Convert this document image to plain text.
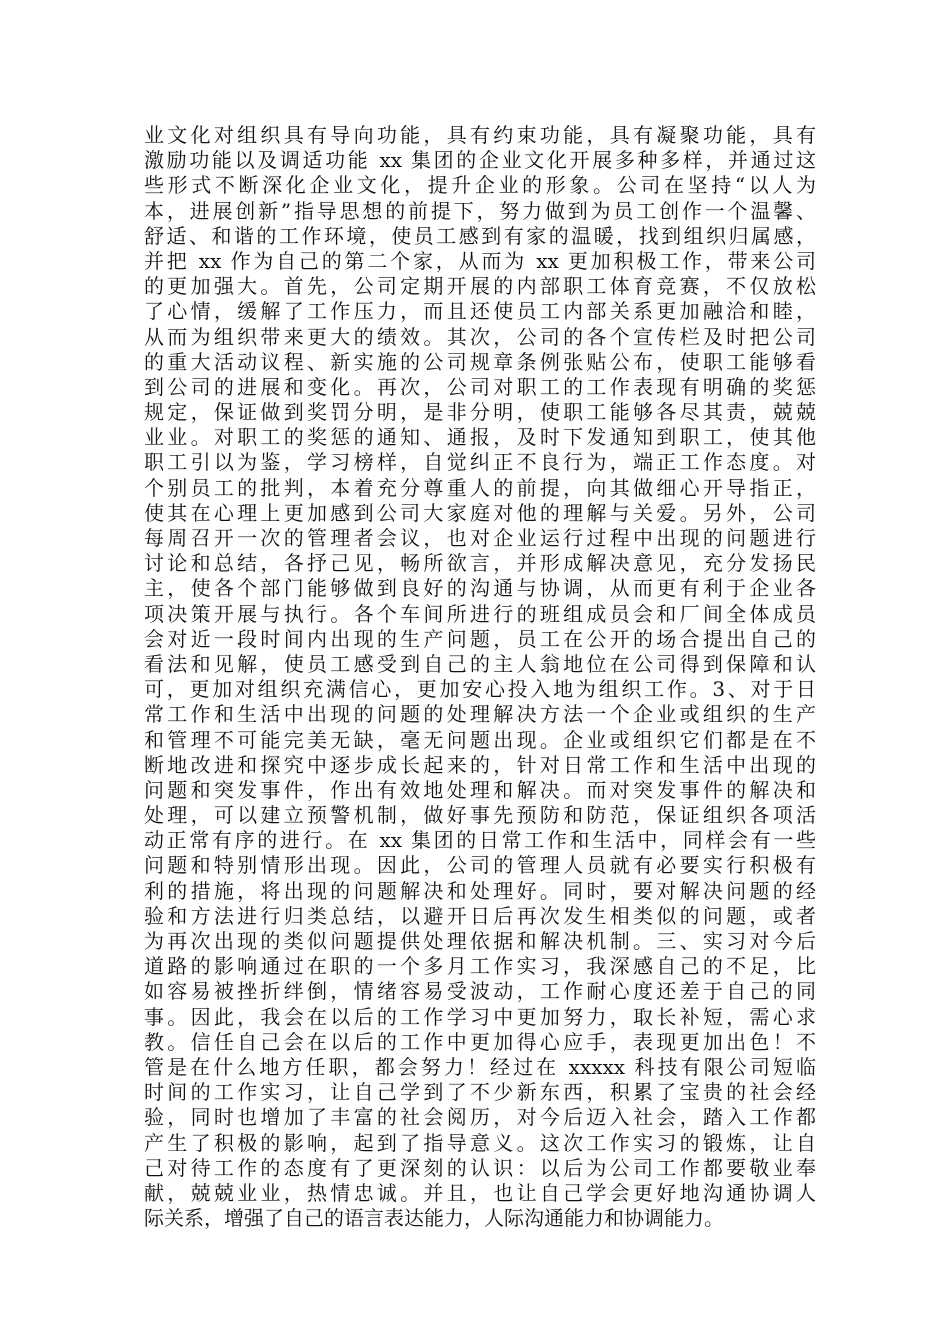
业文化对组织具有导向功能，具有约束功能，具有凝聚功能，具有
激励功能以及调适功能 xx 集团的企业文化开展多种多样，并通过这
些形式不断深化企业文化，提升企业的形象。公司在坚持“以人为
本，进展创新”指导思想的前提下，努力做到为员工创作一个温馨、
舒适、和谐的工作环境，使员工感到有家的温暖，找到组织归属感，
并把 xx 作为自己的第二个家，从而为 xx 更加积极工作，带来公司
的更加强大。首先，公司定期开展的内部职工体育竞赛，不仅放松
了心情，缓解了工作压力，而且还使员工内部关系更加融洽和睦，
从而为组织带来更大的绩效。其次，公司的各个宣传栏及时把公司
的重大活动议程、新实施的公司规章条例张贴公布，使职工能够看
到公司的进展和变化。再次，公司对职工的工作表现有明确的奖惩
规定，保证做到奖罚分明，是非分明，使职工能够各尽其责，兢兢
业业。对职工的奖惩的通知、通报，及时下发通知到职工，使其他
职工引以为鉴，学习榜样，自觉纠正不良行为，端正工作态度。对
个别员工的批判，本着充分尊重人的前提，向其做细心开导指正，
使其在心理上更加感到公司大家庭对他的理解与关爱。另外，公司
每周召开一次的管理者会议，也对企业运行过程中出现的问题进行
讨论和总结，各抒己见，畅所欲言，并形成解决意见，充分发扬民
主，使各个部门能够做到良好的沟通与协调，从而更有利于企业各
项决策开展与执行。各个车间所进行的班组成员会和厂间全体成员
会对近一段时间内出现的生产问题，员工在公开的场合提出自己的
看法和见解，使员工感受到自己的主人翁地位在公司得到保障和认
可，更加对组织充满信心，更加安心投入地为组织工作。3、对于日
常工作和生活中出现的问题的处理解决方法一个企业或组织的生产
和管理不可能完美无缺，毫无问题出现。企业或组织它们都是在不
断地改进和探究中逐步成长起来的，针对日常工作和生活中出现的
问题和突发事件，作出有效地处理和解决。而对突发事件的解决和
处理，可以建立预警机制，做好事先预防和防范，保证组织各项活
动正常有序的进行。在 xx 集团的日常工作和生活中，同样会有一些
问题和特别情形出现。因此，公司的管理人员就有必要实行积极有
利的措施，将出现的问题解决和处理好。同时，要对解决问题的经
验和方法进行归类总结，以避开日后再次发生相类似的问题，或者
为再次出现的类似问题提供处理依据和解决机制。三、实习对今后
道路的影响通过在职的一个多月工作实习，我深感自己的不足，比
如容易被挫折绊倒，情绪容易受波动，工作耐心度还差于自己的同
事。因此，我会在以后的工作学习中更加努力，取长补短，需心求
教。信任自己会在以后的工作中更加得心应手，表现更加出色！不
管是在什么地方任职，都会努力！经过在 xxxxx 科技有限公司短临
时间的工作实习，让自己学到了不少新东西，积累了宝贵的社会经
验，同时也增加了丰富的社会阅历，对今后迈入社会，踏入工作都
产生了积极的影响，起到了指导意义。这次工作实习的锻炼，让自
己对待工作的态度有了更深刻的认识：以后为公司工作都要敬业奉
献，兢兢业业，热情忠诚。并且，也让自己学会更好地沟通协调人
际关系，增强了自己的语言表达能力，人际沟通能力和协调能力。
